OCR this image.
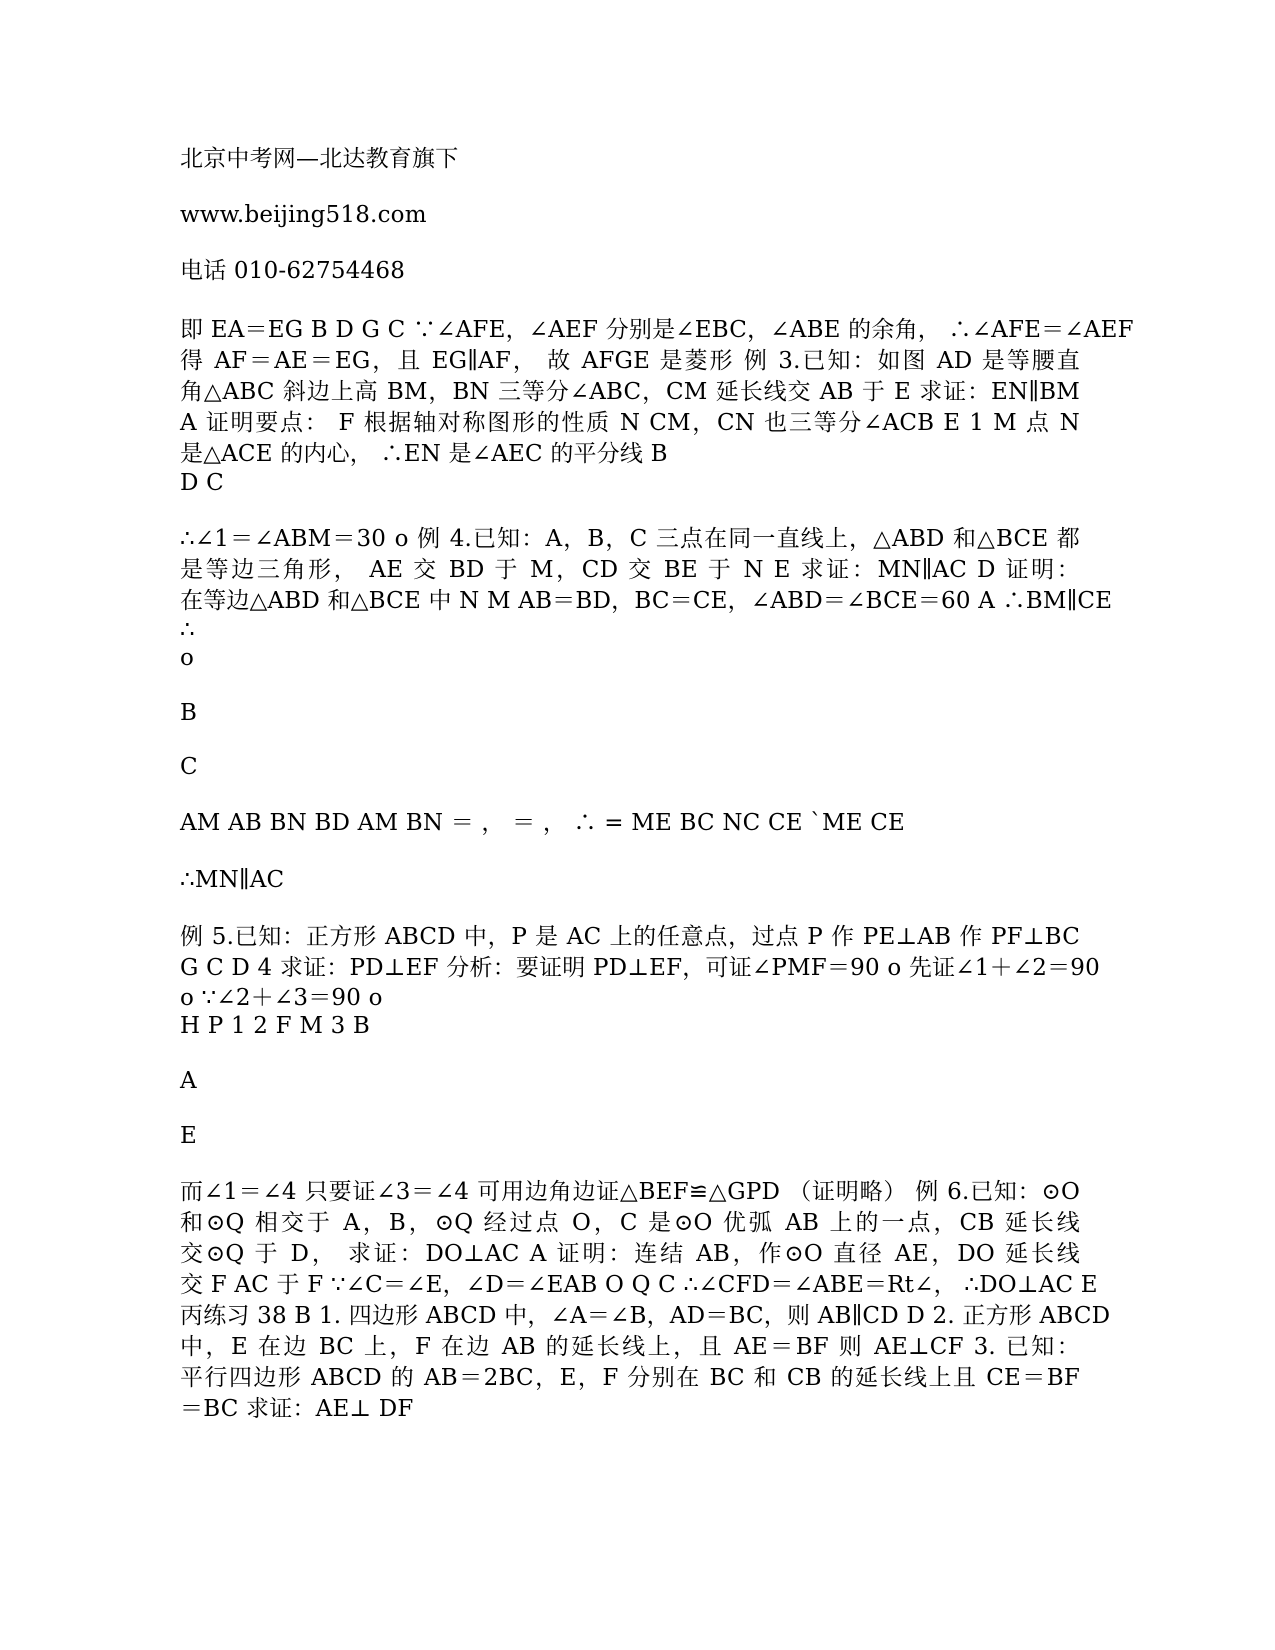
北京中考网—北达教育旗下
www.beijing518.com
电话 010-62754468
即 EA＝EG B D G C ∵∠AFE，∠AEF 分别是∠EBC，∠ABE 的余角， ∴∠AFE＝∠AEF
得 AF＝AE＝EG，且 EG∥AF， 故 AFGE 是菱形 例 3.已知：如图 AD 是等腰直
角△ABC 斜边上高 BM，BN 三等分∠ABC，CM 延长线交 AB 于 E 求证：EN∥BM
A 证明要点： F 根据轴对称图形的性质 N CM，CN 也三等分∠ACB E 1 M 点 N
是△ACE 的内心， ∴EN 是∠AEC 的平分线 B
D C
∴∠1＝∠ABM＝30 o 例 4.已知：A，B，C 三点在同一直线上，△ABD 和△BCE 都
是等边三角形， AE 交 BD 于 M，CD 交 BE 于 N E 求证：MN∥AC D 证明：
在等边△ABD 和△BCE 中 N M AB＝BD，BC＝CE，∠ABD＝∠BCE＝60 A ∴BM∥CE
∴
o
B
C
AM AB BN BD AM BN ＝ ， ＝ ， ∴ = ME BC NC CE `ME CE
∴MN∥AC
例 5.已知：正方形 ABCD 中，P 是 AC 上的任意点，过点 P 作 PE⊥AB 作 PF⊥BC
G C D 4 求证：PD⊥EF 分析：要证明 PD⊥EF，可证∠PMF＝90 o 先证∠1＋∠2＝90
o ∵∠2＋∠3＝90 o
H P 1 2 F M 3 B
A
E
而∠1＝∠4 只要证∠3＝∠4 可用边角边证△BEF≌△GPD （证明略） 例 6.已知：⊙O
和⊙Q 相交于 A，B，⊙Q 经过点 O，C 是⊙O 优弧 AB 上的一点，CB 延长线
交⊙Q 于 D， 求证：DO⊥AC A 证明：连结 AB，作⊙O 直径 AE，DO 延长线
交 F AC 于 F ∵∠C＝∠E，∠D＝∠EAB O Q C ∴∠CFD＝∠ABE＝Rt∠， ∴DO⊥AC E
丙练习 38 B 1. 四边形 ABCD 中，∠A＝∠B，AD＝BC，则 AB∥CD D 2. 正方形 ABCD
中，E 在边 BC 上，F 在边 AB 的延长线上，且 AE＝BF 则 AE⊥CF 3. 已知：
平行四边形 ABCD 的 AB＝2BC，E，F 分别在 BC 和 CB 的延长线上且 CE＝BF
＝BC 求证：AE⊥ DF
